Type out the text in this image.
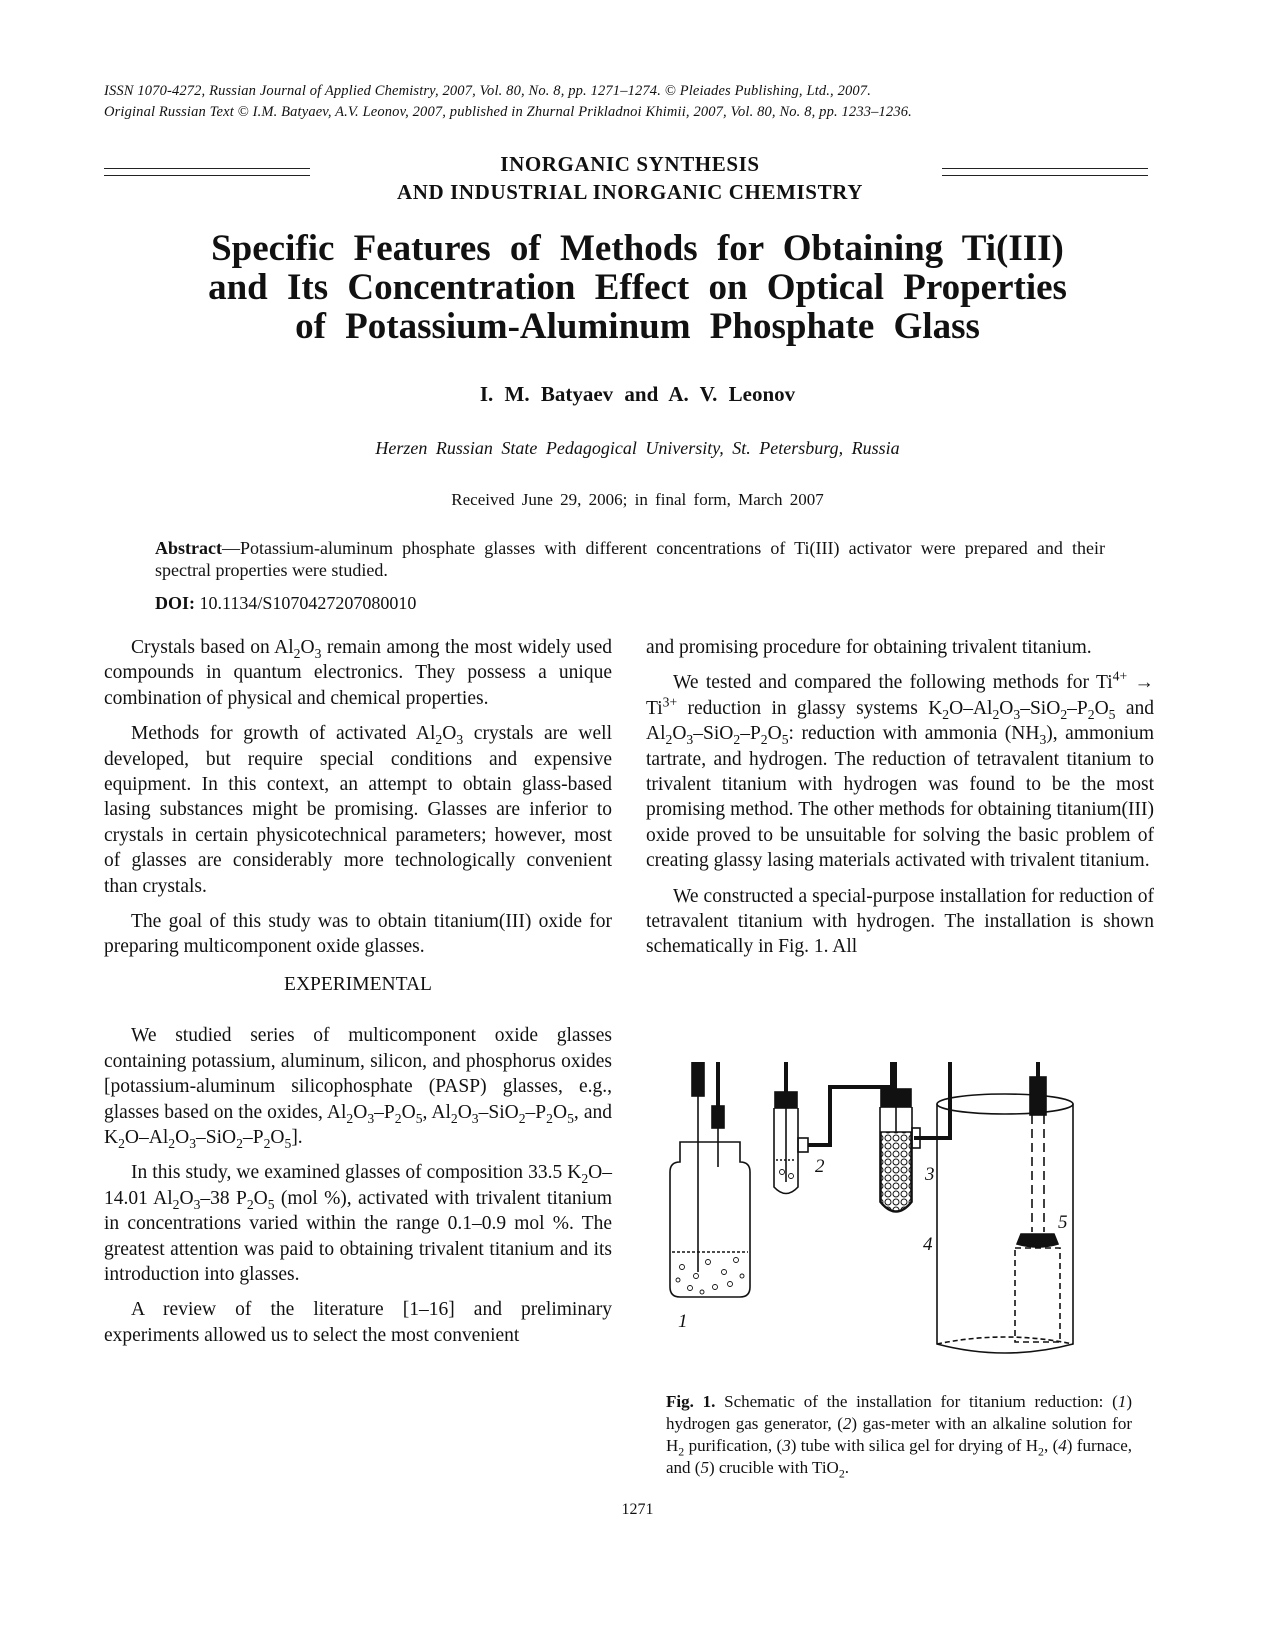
ISSN 1070-4272, Russian Journal of Applied Chemistry, 2007, Vol. 80, No. 8, pp. 1271–1274. © Pleiades Publishing, Ltd., 2007.
Original Russian Text © I.M. Batyaev, A.V. Leonov, 2007, published in Zhurnal Prikladnoi Khimii, 2007, Vol. 80, No. 8, pp. 1233–1236.
INORGANIC SYNTHESIS
AND INDUSTRIAL INORGANIC CHEMISTRY
Specific Features of Methods for Obtaining Ti(III)
and Its Concentration Effect on Optical Properties
of Potassium-Aluminum Phosphate Glass
I. M. Batyaev and A. V. Leonov
Herzen Russian State Pedagogical University, St. Petersburg, Russia
Received June 29, 2006; in final form, March 2007
Abstract—Potassium-aluminum phosphate glasses with different concentrations of Ti(III) activator were prepared and their spectral properties were studied.
DOI: 10.1134/S1070427207080010

Crystals based on $Al_2O_3$ remain among the most widely used compounds in quantum electronics. They possess a unique combination of physical and chemical properties.

Methods for growth of activated $Al_2O_3$ crystals are well developed, but require special conditions and expensive equipment. In this context, an attempt to obtain glass-based lasing substances might be promising. Glasses are inferior to crystals in certain physicotechnical parameters; however, most of glasses are considerably more technologically convenient than crystals.

The goal of this study was to obtain titanium(III) oxide for preparing multicomponent oxide glasses.

EXPERIMENTAL

We studied series of multicomponent oxide glasses containing potassium, aluminum, silicon, and phosphorus oxides [potassium-aluminum silicophosphate (PASP) glasses, e.g., glasses based on the oxides, $Al_2O_3-P_2O_5$, $Al_2O_3-SiO_2-P_2O_5$, and $K_2O-Al_2O_3-SiO_2-P_2O_5$].

In this study, we examined glasses of composition 33.5 $K_2O-14.01$ $Al_2O_3-38$ $P_2O_5$ (mol %), activated with trivalent titanium in concentrations varied within the range 0.1–0.9 mol %. The greatest attention was paid to obtaining trivalent titanium and its introduction into glasses.

A review of the literature [1–16] and preliminary experiments allowed us to select the most convenient

and promising procedure for obtaining trivalent titanium.

We tested and compared the following methods for $Ti^{4+} \to Ti^{3+}$ reduction in glassy systems $K_2O-Al_2O_3-SiO_2-P_2O_5$ and $Al_2O_3-SiO_2-P_2O_5$: reduction with ammonia $(NH_3)$, ammonium tartrate, and hydrogen. The reduction of tetravalent titanium to trivalent titanium with hydrogen was found to be the most promising method. The other methods for obtaining titanium(III) oxide proved to be unsuitable for solving the basic problem of creating glassy lasing materials activated with trivalent titanium.

We constructed a special-purpose installation for reduction of tetravalent titanium with hydrogen. The installation is shown schematically in Fig. 1. All

1
2	3
4
5
Fig. 1. Schematic of the installation for titanium reduction: (1) hydrogen gas generator, (2) gas-meter with an alkaline solution for $H_2$ purification, (3) tube with silica gel for drying of $H_2$, (4) furnace, and (5) crucible with TiO$_2$.
1271
